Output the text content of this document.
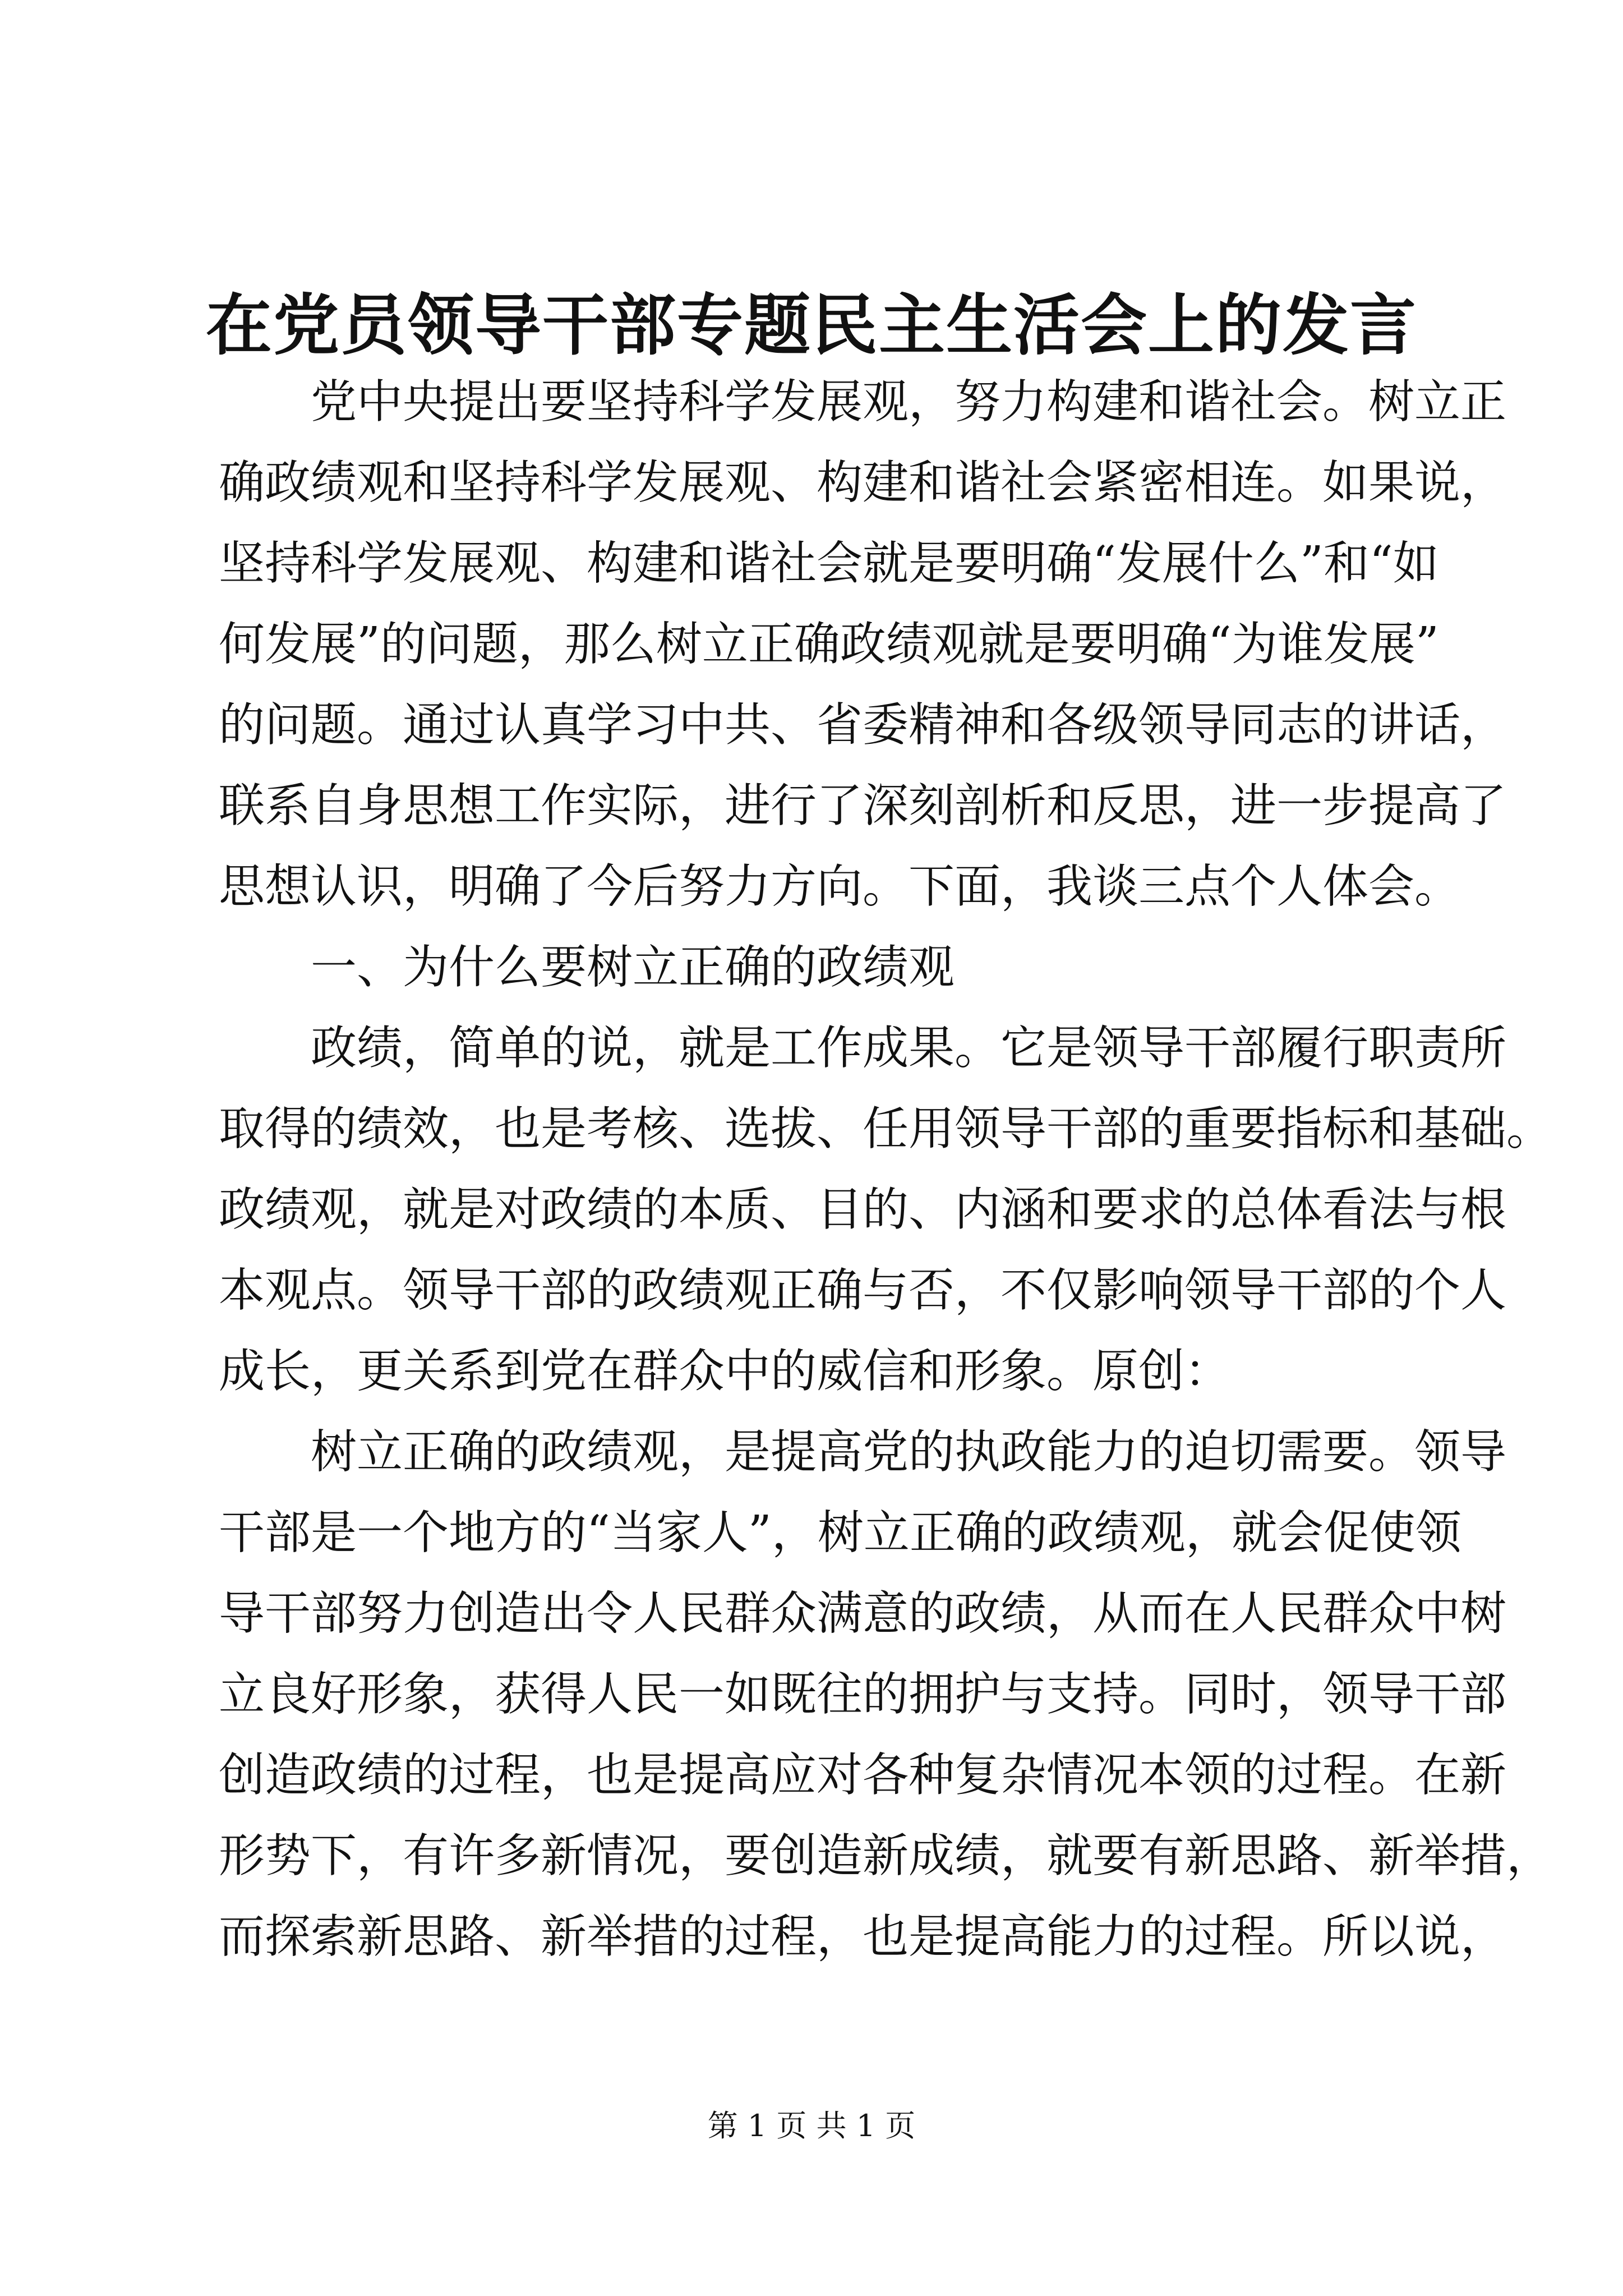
在党员领导干部专题民主生活会上的发言
党中央提出要坚持科学发展观，努力构建和谐社会。树立正
确政绩观和坚持科学发展观、构建和谐社会紧密相连。如果说，
坚持科学发展观、构建和谐社会就是要明确“发展什么”和“如
何发展”的问题，那么树立正确政绩观就是要明确“为谁发展”
的问题。通过认真学习中共、省委精神和各级领导同志的讲话，
联系自身思想工作实际，进行了深刻剖析和反思，进一步提高了
思想认识，明确了今后努力方向。下面，我谈三点个人体会。
一、为什么要树立正确的政绩观
政绩，简单的说，就是工作成果。它是领导干部履行职责所
取得的绩效，也是考核、选拔、任用领导干部的重要指标和基础。
政绩观，就是对政绩的本质、目的、内涵和要求的总体看法与根
本观点。领导干部的政绩观正确与否，不仅影响领导干部的个人
成长，更关系到党在群众中的威信和形象。原创：
树立正确的政绩观，是提高党的执政能力的迫切需要。领导
干部是一个地方的“当家人”，树立正确的政绩观，就会促使领
导干部努力创造出令人民群众满意的政绩，从而在人民群众中树
立良好形象，获得人民一如既往的拥护与支持。同时，领导干部
创造政绩的过程，也是提高应对各种复杂情况本领的过程。在新
形势下，有许多新情况，要创造新成绩，就要有新思路、新举措，
而探索新思路、新举措的过程，也是提高能力的过程。所以说，
第 1 页 共 1 页
